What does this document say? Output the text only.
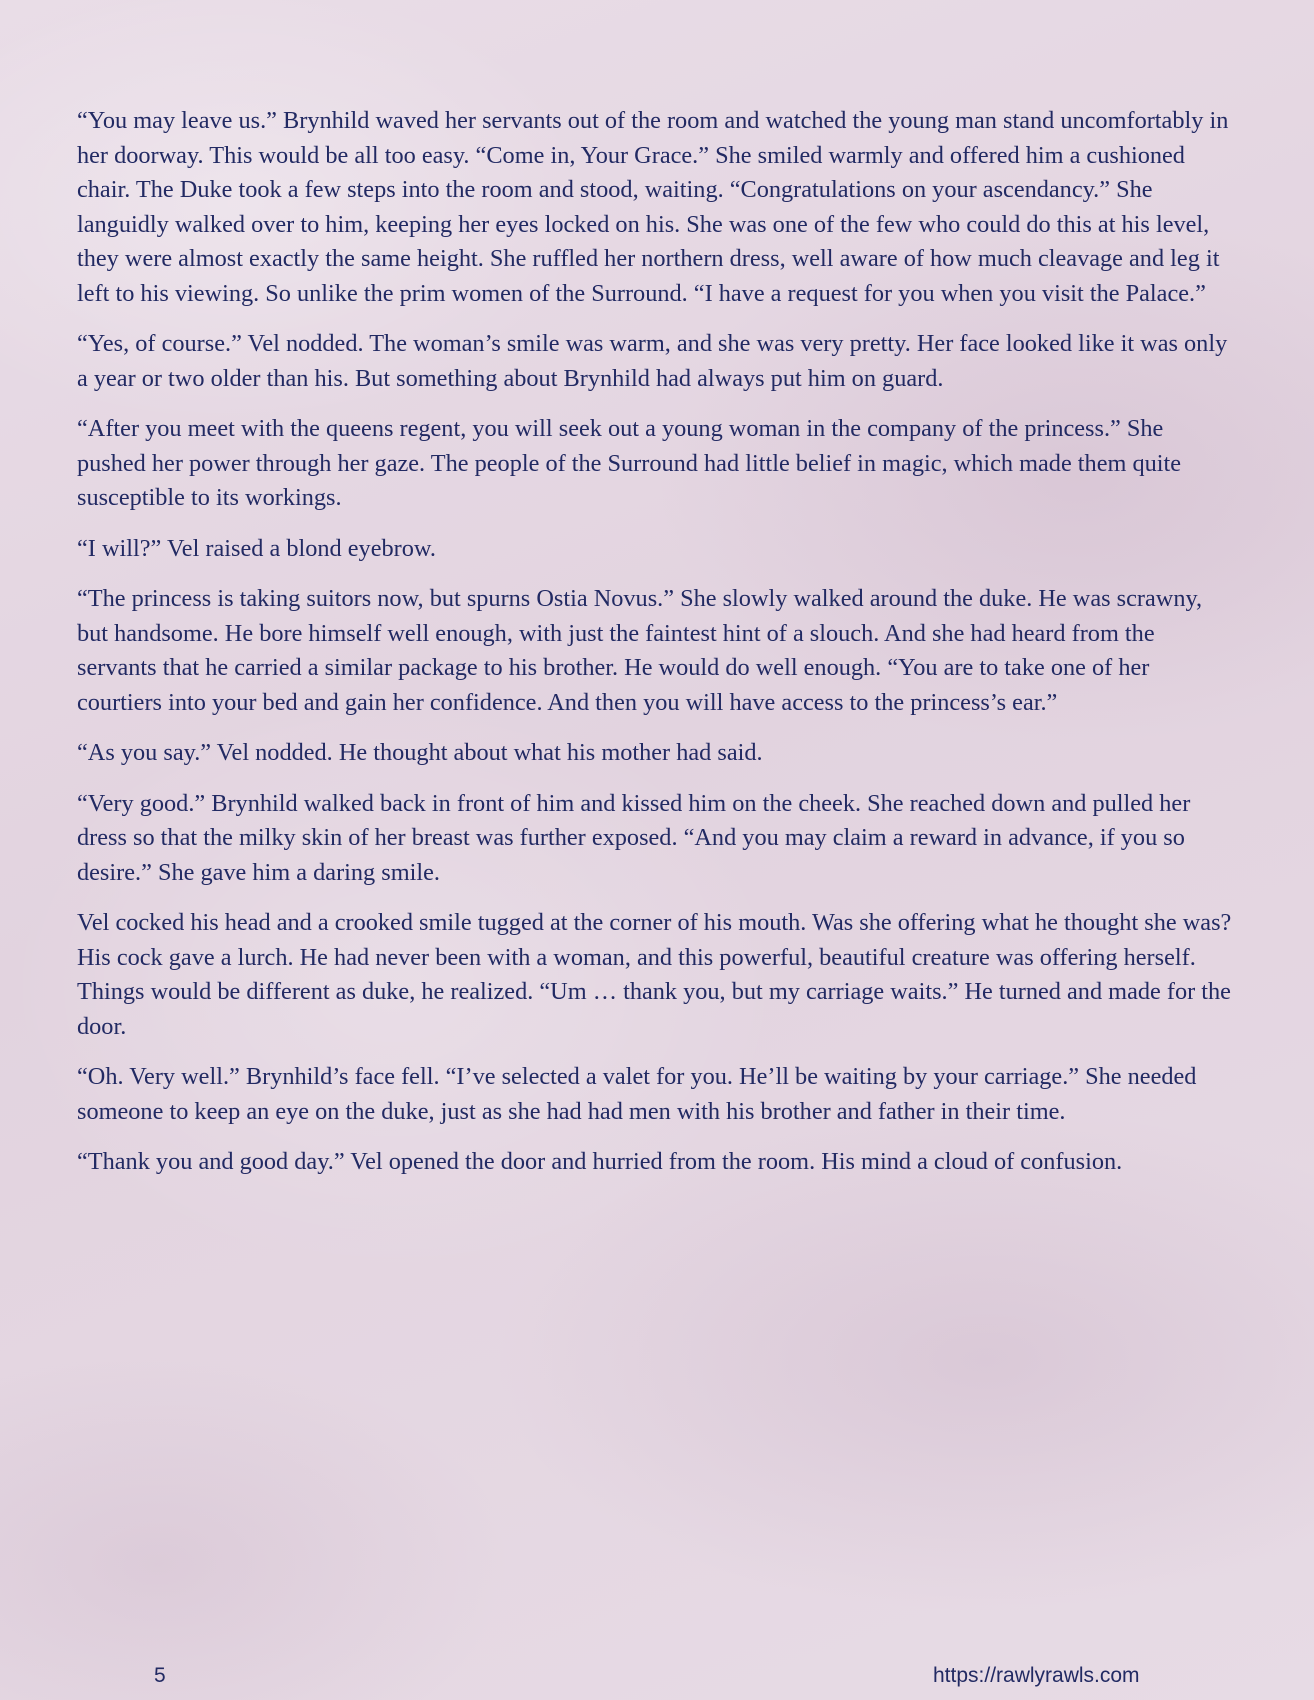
“You may leave us.” Brynhild waved her servants out of the room and watched the young man stand uncomfortably in her doorway. This would be all too easy. “Come in, Your Grace.” She smiled warmly and offered him a cushioned chair. The Duke took a few steps into the room and stood, waiting. “Congratulations on your ascendancy.” She languidly walked over to him, keeping her eyes locked on his. She was one of the few who could do this at his level, they were almost exactly the same height. She ruffled her northern dress, well aware of how much cleavage and leg it left to his viewing. So unlike the prim women of the Surround. “I have a request for you when you visit the Palace.”

“Yes, of course.” Vel nodded. The woman’s smile was warm, and she was very pretty. Her face looked like it was only a year or two older than his. But something about Brynhild had always put him on guard.

“After you meet with the queens regent, you will seek out a young woman in the company of the princess.” She pushed her power through her gaze. The people of the Surround had little belief in magic, which made them quite susceptible to its workings.

“I will?” Vel raised a blond eyebrow.

“The princess is taking suitors now, but spurns Ostia Novus.” She slowly walked around the duke. He was scrawny, but handsome. He bore himself well enough, with just the faintest hint of a slouch. And she had heard from the servants that he carried a similar package to his brother. He would do well enough. “You are to take one of her courtiers into your bed and gain her confidence. And then you will have access to the princess’s ear.”

“As you say.” Vel nodded. He thought about what his mother had said.

“Very good.” Brynhild walked back in front of him and kissed him on the cheek. She reached down and pulled her dress so that the milky skin of her breast was further exposed. “And you may claim a reward in advance, if you so desire.” She gave him a daring smile.

Vel cocked his head and a crooked smile tugged at the corner of his mouth. Was she offering what he thought she was? His cock gave a lurch. He had never been with a woman, and this powerful, beautiful creature was offering herself. Things would be different as duke, he realized. “Um … thank you, but my carriage waits.” He turned and made for the door.

“Oh. Very well.” Brynhild’s face fell. “I’ve selected a valet for you. He’ll be waiting by your carriage.” She needed someone to keep an eye on the duke, just as she had had men with his brother and father in their time.

“Thank you and good day.” Vel opened the door and hurried from the room. His mind a cloud of confusion.

5	https://rawlyrawls.com
